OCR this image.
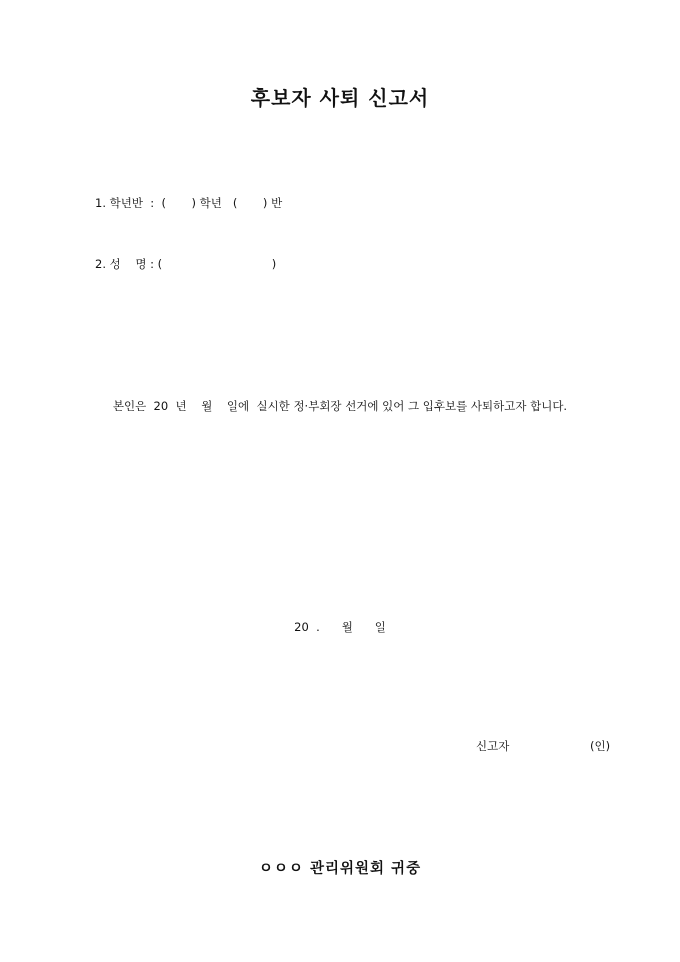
후보자 사퇴 신고서
1. 학년반  :  (       ) 학년   (       ) 반
2. 성    명 : (                              )
본인은  20  년    월    일에  실시한 정·부회장 선거에 있어 그 입후보를 사퇴하고자 합니다.
20  .      월      일
신고자	(인)
ㅇㅇㅇ 관리위원회 귀중
